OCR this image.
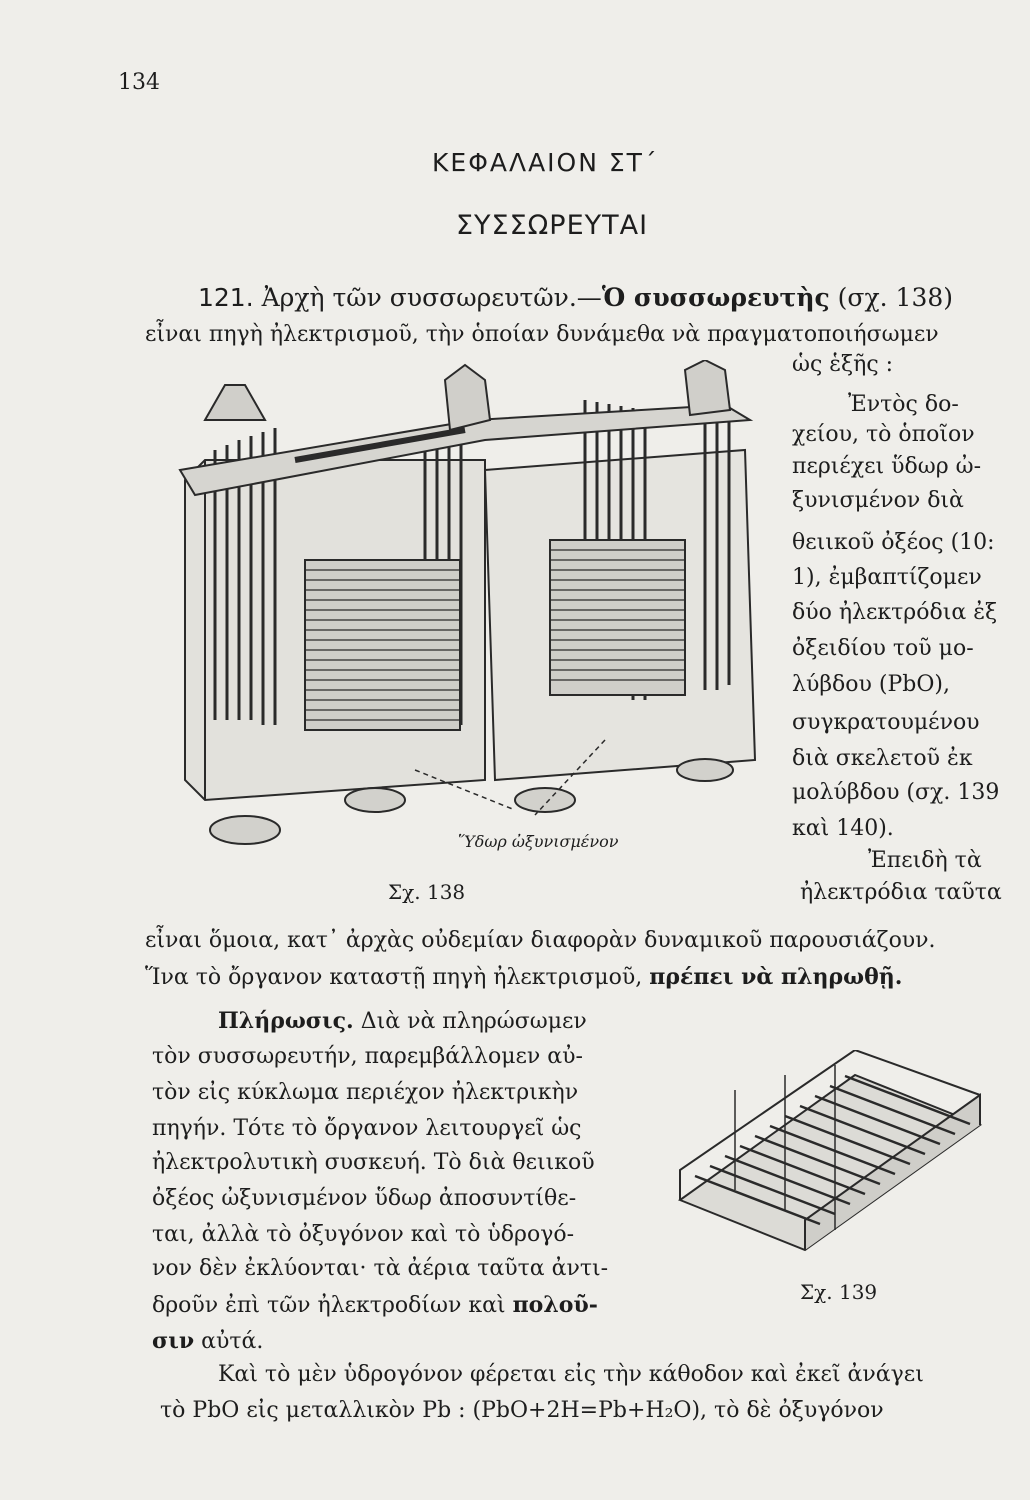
134
ΚΕΦΑΛΑΙΟΝ ΣΤ΄
ΣΥΣΣΩΡΕΥΤΑΙ
121. Ἀρχὴ τῶν συσσωρευτῶν.—Ὁ συσσωρευτὴς (σχ. 138)
εἶναι πηγὴ ἠλεκτρισμοῦ, τὴν ὁποίαν δυνάμεθα νὰ πραγματοποιήσωμεν
Ὕδωρ ὠξυνισμένον
Σχ. 138
ὡς ἑξῆς :
Ἐντὸς δο-
χείου, τὸ ὁποῖον
περιέχει ὕδωρ ὠ-
ξυνισμένον διὰ
θειικοῦ ὀξέος (10:
1), ἐμβαπτίζομεν
δύο ἠλεκτρόδια ἐξ
ὀξειδίου τοῦ μο-
λύβδου (PbO),
συγκρατουμένου
διὰ σκελετοῦ ἐκ
μολύβδου (σχ. 139
καὶ 140).
Ἐπειδὴ τὰ
ἠλεκτρόδια ταῦτα
εἶναι ὅμοια, κατ᾽ ἀρχὰς οὐδεμίαν διαφορὰν δυναμικοῦ παρουσιάζουν.
Ἵνα τὸ ὄργανον καταστῇ πηγὴ ἠλεκτρισμοῦ, πρέπει νὰ πληρωθῇ.
Πλήρωσις. Διὰ νὰ πληρώσωμεν
τὸν συσσωρευτήν, παρεμβάλλομεν αὐ-
τὸν εἰς κύκλωμα περιέχον ἠλεκτρικὴν
πηγήν. Τότε τὸ ὄργανον λειτουργεῖ ὡς
ἠλεκτρολυτικὴ συσκευή. Τὸ διὰ θειικοῦ
ὀξέος ὠξυνισμένον ὕδωρ ἀποσυντίθε-
ται, ἀλλὰ τὸ ὀξυγόνον καὶ τὸ ὑδρογό-
νον δὲν ἐκλύονται· τὰ ἀέρια ταῦτα ἀντι-
δροῦν ἐπὶ τῶν ἠλεκτροδίων καὶ πολοῦ-
σιν αὐτά.
Σχ. 139
Καὶ τὸ μὲν ὑδρογόνον φέρεται εἰς τὴν κάθοδον καὶ ἐκεῖ ἀνάγει
τὸ PbO εἰς μεταλλικὸν Pb : (PbO+2H=Pb+H₂O), τὸ δὲ ὀξυγόνον
